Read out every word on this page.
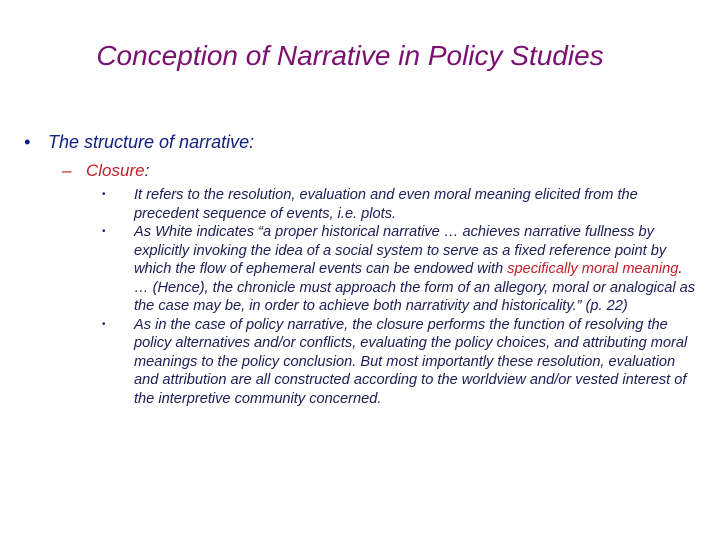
Conception of Narrative in Policy Studies
• The structure of narrative:
– Closure :
•	It refers to the resolution, evaluation and even moral meaning elicited from the precedent sequence of events, i.e. plots.
•	As White indicates “a proper historical narrative … achieves narrative fullness by explicitly invoking the idea of a social system to serve as a fixed reference point by which the flow of ephemeral events can be endowed with specifically moral meaning. … (Hence), the chronicle must approach the form of an allegory, moral or analogical as the case may be, in order to achieve both narrativity and historicality.” (p. 22)
•	As in the case of policy narrative, the closure performs the function of resolving the policy alternatives and/or conflicts, evaluating the policy choices, and attributing moral meanings to the policy conclusion. But most importantly these resolution, evaluation and attribution are all constructed according to the worldview and/or vested interest of the interpretive community concerned.
